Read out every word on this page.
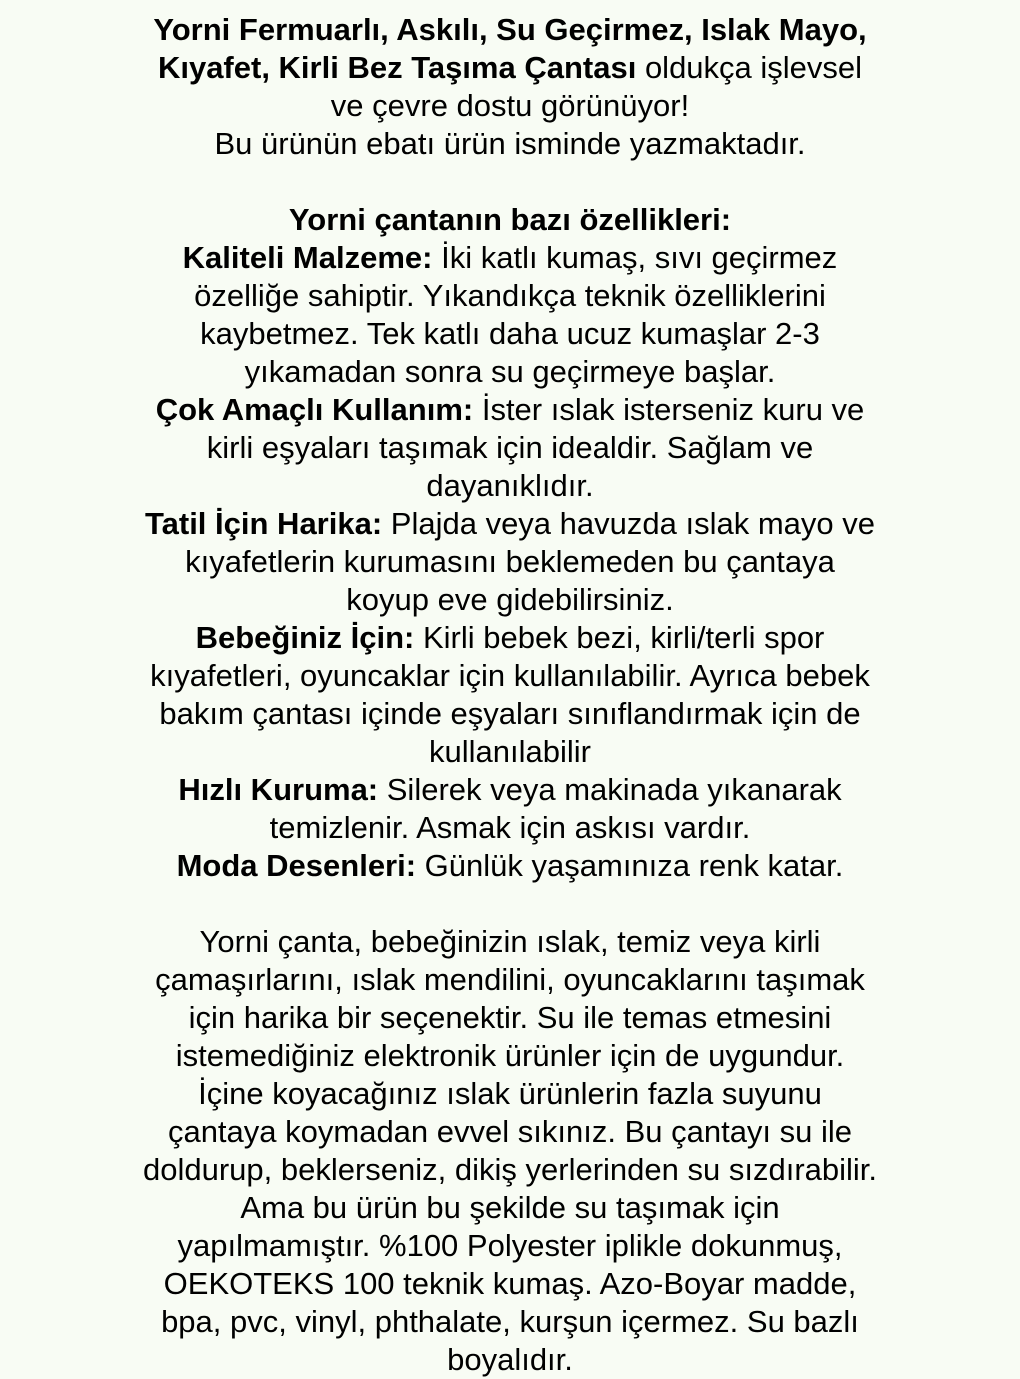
Yorni Fermuarlı, Askılı, Su Geçirmez, Islak Mayo, Kıyafet, Kirli Bez Taşıma Çantası oldukça işlevsel ve çevre dostu görünüyor!
Bu ürünün ebatı ürün isminde yazmaktadır.
Yorni çantanın bazı özellikleri:
Kaliteli Malzeme: İki katlı kumaş, sıvı geçirmez özelliğe sahiptir. Yıkandıkça teknik özelliklerini kaybetmez. Tek katlı daha ucuz kumaşlar 2-3 yıkamadan sonra su geçirmeye başlar.
Çok Amaçlı Kullanım: İster ıslak isterseniz kuru ve kirli eşyaları taşımak için idealdir. Sağlam ve dayanıklıdır.
Tatil İçin Harika: Plajda veya havuzda ıslak mayo ve kıyafetlerin kurumasını beklemeden bu çantaya koyup eve gidebilirsiniz.
Bebeğiniz İçin: Kirli bebek bezi, kirli/terli spor kıyafetleri, oyuncaklar için kullanılabilir. Ayrıca bebek bakım çantası içinde eşyaları sınıflandırmak için de kullanılabilir
Hızlı Kuruma: Silerek veya makinada yıkanarak temizlenir. Asmak için askısı vardır.
Moda Desenleri: Günlük yaşamınıza renk katar.
Yorni çanta, bebeğinizin ıslak, temiz veya kirli çamaşırlarını, ıslak mendilini, oyuncaklarını taşımak için harika bir seçenektir. Su ile temas etmesini istemediğiniz elektronik ürünler için de uygundur. İçine koyacağınız ıslak ürünlerin fazla suyunu çantaya koymadan evvel sıkınız. Bu çantayı su ile doldurup, beklerseniz, dikiş yerlerinden su sızdırabilir. Ama bu ürün bu şekilde su taşımak için yapılmamıştır. %100 Polyester iplikle dokunmuş, OEKOTEKS 100 teknik kumaş. Azo-Boyar madde, bpa, pvc, vinyl, phthalate, kurşun içermez. Su bazlı boyalıdır.
